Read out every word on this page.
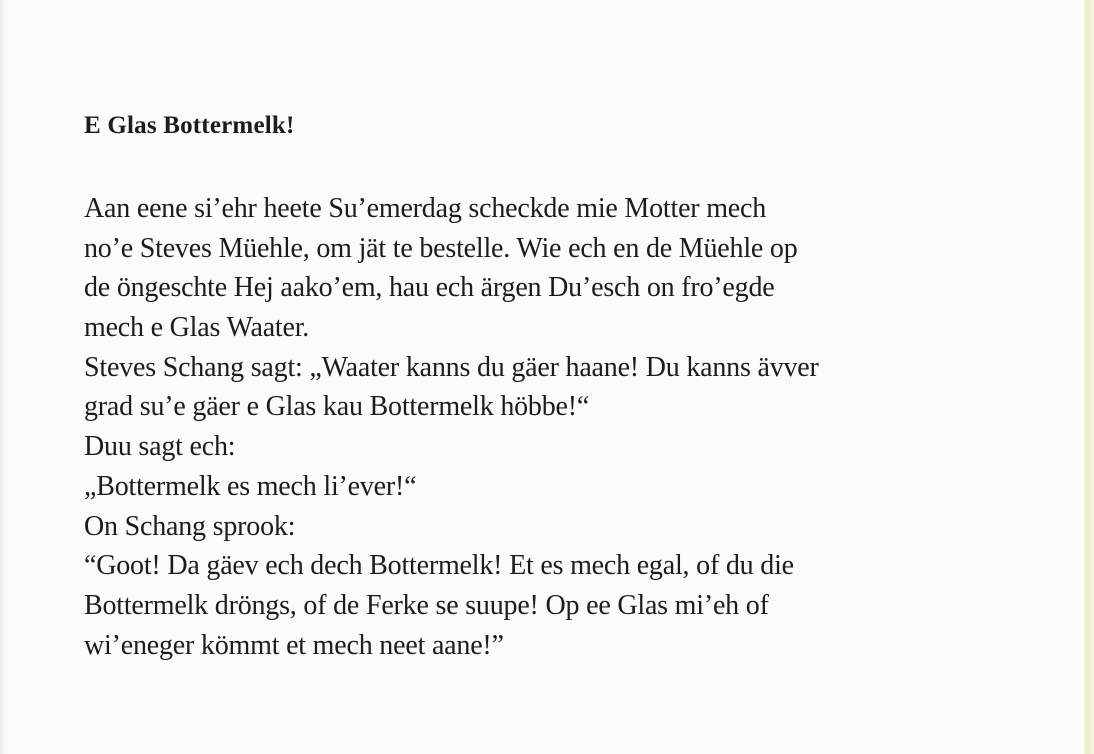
E Glas Bottermelk!
Aan eene si’ehr heete Su’emerdag scheckde mie Motter mech
no’e Steves Müehle, om jät te bestelle. Wie ech en de Müehle op
de öngeschte Hej aako’em, hau ech ärgen Du’esch on fro’egde
mech e Glas Waater.
Steves Schang sagt: „Waater kanns du gäer haane! Du kanns ävver
grad su’e gäer e Glas kau Bottermelk höbbe!“
Duu sagt ech:
„Bottermelk es mech li’ever!“
On Schang sprook:
“Goot! Da gäev ech dech Bottermelk! Et es mech egal, of du die
Bottermelk dröngs, of de Ferke se suupe! Op ee Glas mi’eh of
wi’eneger kömmt et mech neet aane!”
